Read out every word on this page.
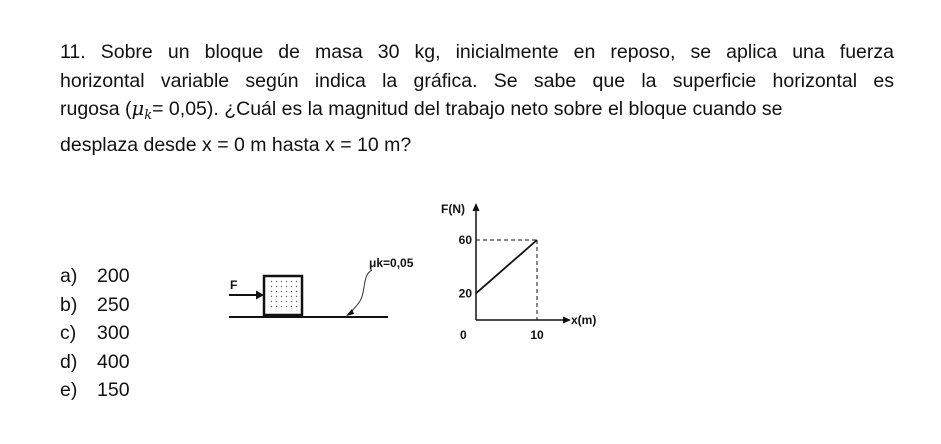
11. Sobre un bloque de masa 30 kg, inicialmente en reposo, se aplica una fuerza
horizontal variable según indica la gráfica. Se sabe que la superficie horizontal es
rugosa $(\mu_k= 0,05)$. ¿Cuál es la magnitud del trabajo neto sobre el bloque cuando se
desplaza desde x = 0 m hasta x = 10 m?
a)	200
b)	250
c)	300
d)	400
e)	150
F
μk=0,05
F(N)
x(m)
60
20
0	10
